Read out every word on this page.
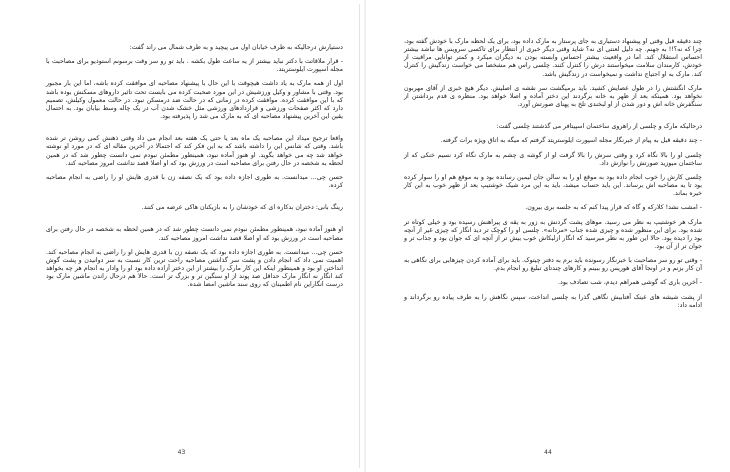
دستیارش درحالیکه به طرف خیابان اول می پیچید و به طرف شمال می راند گفت:

- قرار ملاقاتت با دکتر نباید بیشتر از یه ساعت طول بکشه . باید تو رو سر وقت برسونم استودیو برای مصاحبت با مجله اسپورت ایلوستریتد.

اول از همه مارک به یاد داشت هیچوقت با این حال با پیشنهاد مصاحبه ای موافقت کرده باشه، اما این بار مجبور بود. وقتی با مشاور و وکیل ورزشیش در این مورد صحبت کرده می بایست تحت تاثیر داروهای مسکنش بوده باشد که با این موافقت کرده. موافقت کرده در زمانی که در حالت ضد درمسکن نبود. در حالت معمول وکیلش، تصمیم دارد که اکثر صفحات ورزشی و قراردادهای ورزشی مثل خشک شدن آب در یک چاله وسط بیابان بود. به احتمال یقین این آخرین پیشنهاد مصاحبه ای که به مارک می شد را پذیرفته بود.

واقعا ترجیح میداد این مصاحبه یک ماه بعد یا حتی یک هفته بعد انجام می داد وقتی ذهنش کمی روشن تر شده باشد. وقتی که شانس این را داشته باشد که به این فکر کند که احتمالا در آخرین مقاله ای که در مورد او نوشته خواهد شد چه می خواهد بگوید. او هنوز آماده نبود، همینطور مطمئن نبودم نمی دانست چطور شد که در همین لحظه به شخصه در حال رفتن برای مصاحبه است در ورزش بود که او اصلا قصد نداشت امروز مصاحبه کند.

حسن چی... میدانست. به طوری اجازه داده بود که یک نصفه زن با قدری هایش او را راضی به انجام مصاحبه کرده.

رینگ بانی: دختران بدکاره ای که خودشان را به بازیکنان هاکی عرضه می کنند.

او هنوز آماده نبود، همینطور مطمئن نبودم نمی دانست چطور شد که در همین لحظه به شخصه در حال رفتن برای مصاحبه است در ورزش بود که او اصلا قصد نداشت امروز مصاحبه کند.

حسن چی... میدانست. به طوری اجازه داده بود که یک نصفه زن با قدری هایش او را راضی به انجام مصاحبه کند. اهمیت نمی داد که انجام دادن و پشت سر گذاشتن مصاحبه راحت ترین کار نسبت به سر دوانیدن و پشت گوش انداختن او بود و همینطور اینکه این کار مارک را بیشتر از این دختر آزاده داده بود او را وادار به انجام هر چه بخواهد کند انگار نه انگار مارک حداقل صد پوند از او سنگین تر و بزرگ تر است. حالا هم درحال راندن ماشین مارک بود درست انگاراین نام اطمینان که روی سند ماشین امضا شده.

43

چند دقیقه قبل وقتی او پیشنهاد دستیاری به جای پرستار به مارک داده بود، برای یک لحظه مارک با خودش گفته بود، چرا که نه؟!! به جهنم. چه دلیل لعنتی ای نه؟ شاید وقتی دیگر خبری از انتظار برای تاکسی سرویس ها نباشد بیشتر احساس استقلال کند. اما در واقعیت بیشتر احساس وابسته بودن به دیگران میکرد و کمتر توانایی مراقبت از خودش، کارمندان سلامت میخواستند درش را کنترل کنند. چلسی راس هم مشخصا می خواست زندگیش را کنترل کند. مارک به او احتیاج نداشت و نمیخواست در زندگیش باشد.

مارک انگشتش را در طول عصایش کشید. باید برمیگشت سر نقشه ی اصلیش. دیگر هیچ خبری از آقای مهربون نخواهد بود. همینکه بعد از ظهر به خانه برگردند این دختر آماده و اصلا خواهد بود. منظره ی قدم برداشتن از سنگفرش خانه اش و دور شدن از او لبخندی تلخ به پهنای صورتش آورد.

درحالیکه مارک و چلسی از راهروی ساختمان اسپیتافر می گذشتند چلسی گفت:

- چند دقیقه قبل به پیام از خبرنگار مجله اسپورت ایلوستریتد گرفتم که میگه به اتاق ویژه برات گرفته.

چلسی او را بالا نگاه کرد و وقتی سرش را بالا گرفت او از گوشه ی چشم به مارک نگاه کرد نسیم خنکی که از ساختمان میوزید صورتش را نوازش داد.

چلسی کارش را خوب انجام داده بود به موقع او را به سالن جان لیمین رسانده بود و به موقع هم او را سوار کرده بود تا به مصاحبه اش برساند. این باید حساب میشد، باید به این مرد شیک خوشتیپ بعد از ظهر خوب به این کار خیره بماند.

- امشب نشد! کلارکه و گاه که قرار پیدا کنم که به جلسه بری بیرون.

مارک هر خوشتیپ به نظر می رسید. موهای پشت گردنش به زور به یقه ی پیراهنش رسیده بود و خیلی کوتاه تر شده بود. برای این منظور شده و چیزی شده جناب «مردانه». چلسی او را کوچک تر دید انگار که چیزی غیر از آنچه بود را دیده بود. حالا این طور به نظر میرسید که انگار ازلیکاش خوب بیش تر از آنچه ای که جوان بود و جذاب تر و جوان تر از آن بود.

- وقتی تو رو سر مصاحبت با خبرنگار رسونده باید برم به دفتر چیتوک. باید برای آماده کردن چیزهایی برای نگاهی به آن کار بزنم و در اونجا آقای هوریس رو ببینم و کارهای چندتای تبلیغ رو انجام بدم.

- آخرین باری که گوشی همراهم دیدم، شب تصادف بود.

از پشت شیشه های عینک آفتابیش نگاهی گذرا به چلسی انداخت، سپس نگاهش را به طرف پیاده رو برگرداند و ادامه داد:

44
